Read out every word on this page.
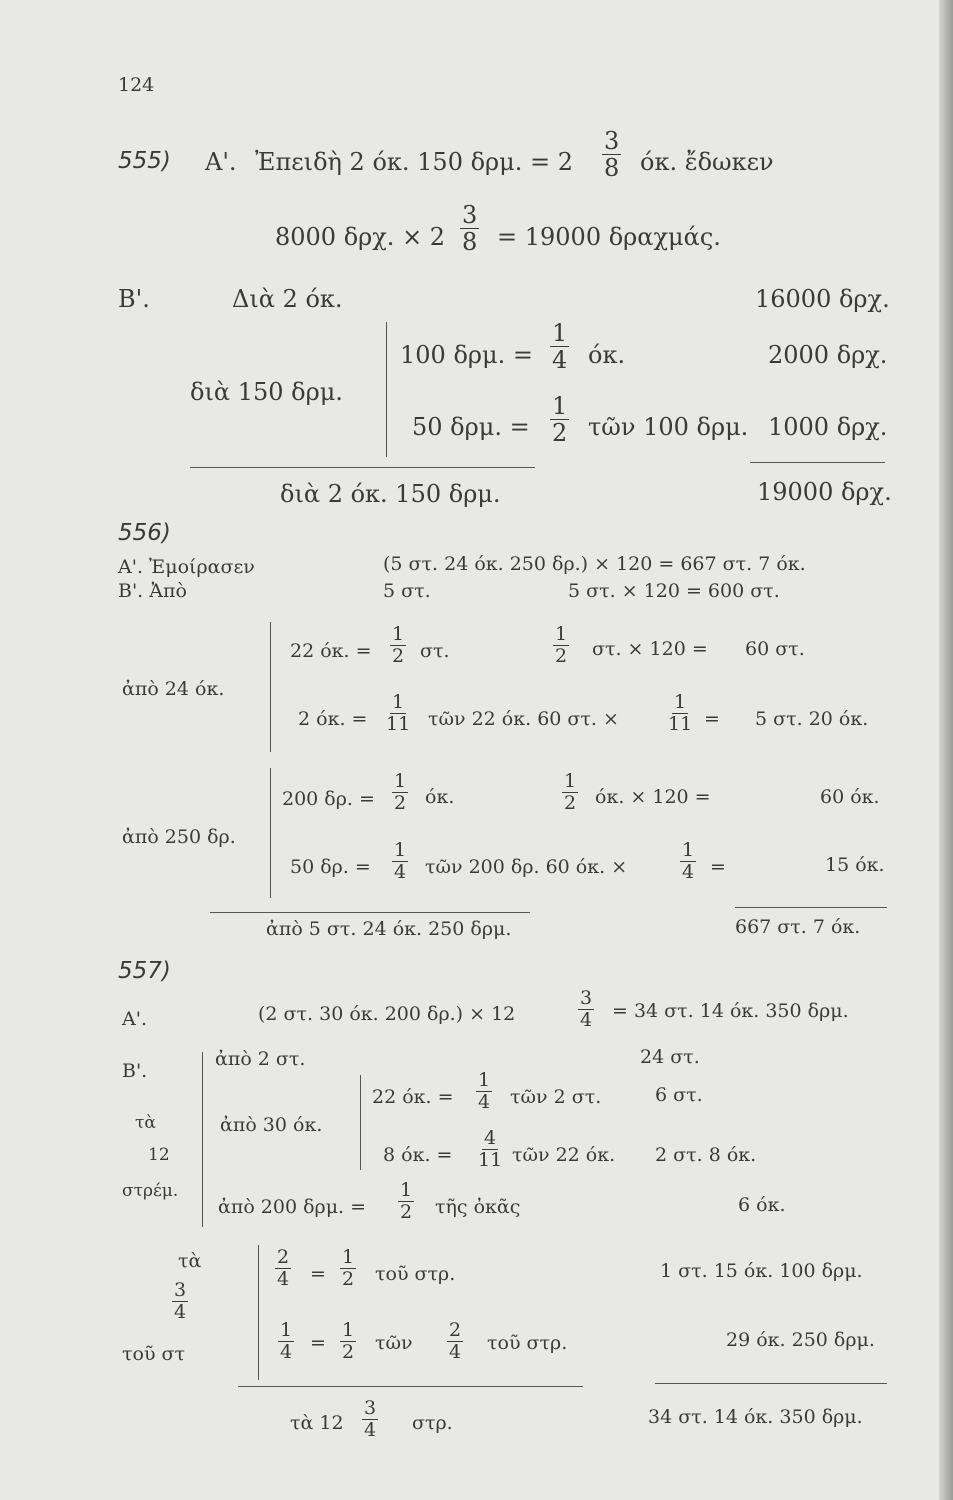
124
555) Α'. Ἐπειδὴ 2 όκ. 150 δρμ. = $2 \frac{3}{8} ό\kappa$. ἔδωκεν
8000 δρχ. × $2 \frac{3}{8} = 19000$ δραχμάς.
Β'.	Διὰ 2 όκ.	16000 δρχ.
διὰ 150 δρμ.
100 δρμ. = $\frac{1}{4} ό\kappa$.	2000 δρχ.
50 δρμ. = $\frac{1}{2}$ τῶν 100 δρμ. 1000 δρχ.
διὰ 2 όκ. 150 δρμ.	19000 δρχ.
556)
Α'. Ἐμοίρασεν	(5 στ. 24 όκ. 250 δρ.) × 120 = 667 στ. 7 όκ.
Β'. Ἀπὸ	5 στ.	5 στ. × 120 = 600 στ.
ἀπὸ 24 όκ.
22 όκ. = $\frac{1}{2} \sigma\tau$.	$\frac{1}{2} \sigma\tau$. × 120 = 60 στ.
2 όκ. = $\frac{1}{11}$ τῶν 22 όκ. 60 στ. × $\frac{1}{11} = 5$ στ. 20 όκ.
ἀπὸ 250 δρ.
200 δρ. = $\frac{1}{2} ό\kappa$.	$\frac{1}{2} ό\kappa$. × 120 =	60 όκ.
50 δρ. = $\frac{1}{4}$ τῶν 200 δρ. 60 όκ. ×	$\frac{1}{4}$ =	15 όκ.
ἀπὸ 5 στ. 24 όκ. 250 δρμ.	667 στ. 7 όκ.
557)
Α'.	(2 στ. 30 όκ. 200 δρ.) × 12	$\frac{3}{4} = 34$ στ. 14 όκ. 350 δρμ.
Β'.
τὰ
12
στρέμ.
ἀπὸ 2 στ.	24 στ.
ἀπὸ 30 όκ.
22 όκ. = $\frac{1}{4}$ τῶν 2 στ.	6 στ.
8 όκ. = $\frac{4}{11}$ τῶν 22 όκ. 2 στ. 8 όκ.
ἀπὸ 200 δρμ. = $\frac{1}{2}$ τῆς ὀκᾶς	6 όκ.
τὰ
$\frac{3}{4}$
τοῦ στ
$\frac{2}{4} = \frac{1}{2}$ τοῦ στρ.	1 στ. 15 όκ. 100 δρμ.
$\frac{1}{4} = \frac{1}{2}$ τῶν $\frac{2}{4}$ τοῦ στρ.	29 όκ. 250 δρμ.
τὰ $12 \frac{3}{4} \sigma\tau\rho$.	34 στ. 14 όκ. 350 δρμ.
